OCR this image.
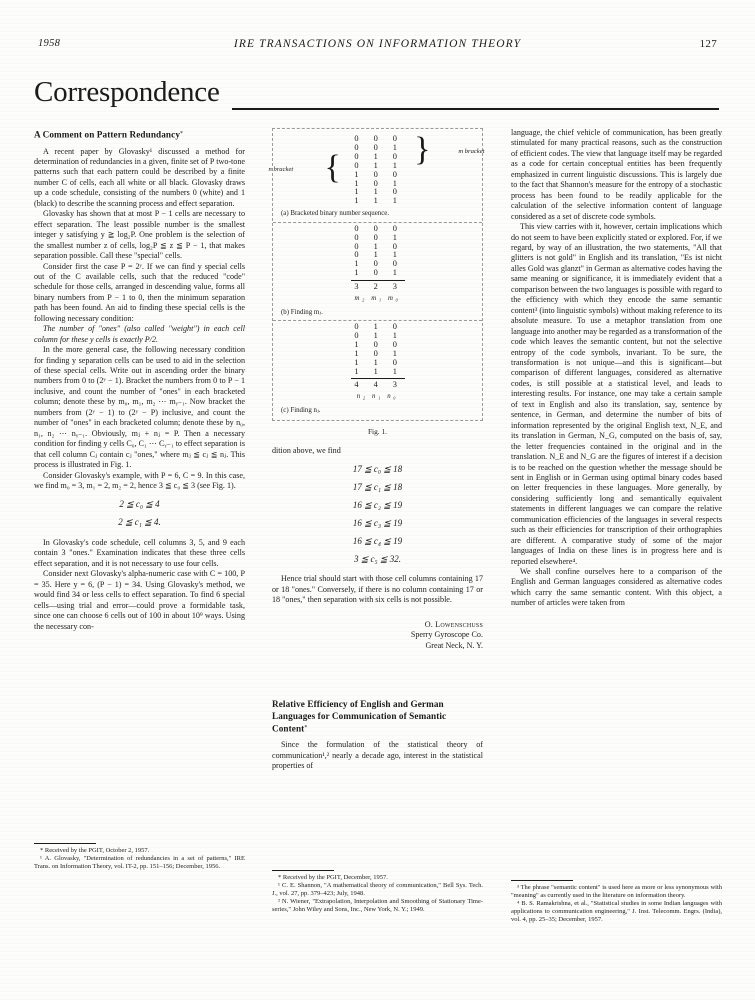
1958	IRE TRANSACTIONS ON INFORMATION THEORY	127
Correspondence
A Comment on Pattern Redundancy*

A recent paper by Glovasky¹ discussed a method for determination of redundancies in a given, finite set of P two-tone patterns such that each pattern could be described by a finite number C of cells, each all white or all black. Glovasky draws up a code schedule, consisting of the numbers 0 (white) and 1 (black) to describe the scanning process and effect separation.

Glovasky has shown that at most P − 1 cells are necessary to effect separation. The least possible number is the smallest integer y satisfying y ≧ log₂P. One problem is the selection of the smallest number z of cells, log₂P ≦ z ≦ P − 1, that makes separation possible. Call these "special" cells.

Consider first the case P = 2ʸ. If we can find y special cells out of the C available cells, such that the reduced "code" schedule for those cells, arranged in descending value, forms all binary numbers from P − 1 to 0, then the minimum separation path has been found. An aid to finding these special cells is the following necessary condition:

The number of "ones" (also called "weight") in each cell column for these y cells is exactly P/2.

In the more general case, the following necessary condition for finding y separation cells can be used to aid in the selection of these special cells. Write out in ascending order the binary numbers from 0 to (2ʸ − 1). Bracket the numbers from 0 to P − 1 inclusive, and count the number of "ones" in each bracketed column; denote these by m₀, m₁, m₂ ⋯ mᵧ₋₁. Now bracket the numbers from (2ʸ − 1) to (2ʸ − P) inclusive, and count the number of "ones" in each bracketed column; denote these by n₀, n₁, n₂ ⋯ nᵧ₋₁. Obviously, mⱼ + nⱼ = P. Then a necessary condition for finding y cells C₀, C₁ ⋯ Cᵧ₋₁ to effect separation is that cell column Cⱼ contain cⱼ "ones," where mⱼ ≦ cⱼ ≦ nⱼ. This process is illustrated in Fig. 1.

Consider Glovasky's example, with P = 6, C = 9. In this case, we find m₀ = 3, m₁ = 2, m₂ = 2, hence 3 ≦ c₀ ≦ 3 (see Fig. 1).

2 ≦ c₀ ≦ 4
2 ≦ c₁ ≦ 4.

In Glovasky's code schedule, cell columns 3, 5, and 9 each contain 3 "ones." Examination indicates that these three cells effect separation, and it is not necessary to use four cells.

Consider next Glovasky's alpha-numeric case with C = 100, P = 35. Here y = 6, (P − 1) = 34. Using Glovasky's method, we would find 34 or less cells to effect separation. To find 6 special cells—using trial and error—could prove a formidable task, since one can choose 6 cells out of 100 in about 10⁹ ways. Using the necessary con-

* Received by the PGIT, October 2, 1957.

¹ A. Glovasky, "Determination of redundancies in a set of patterns," IRE Trans. on Information Theory, vol. IT-2, pp. 151–156; December, 1956.

{ }
n bracket
m bracket
0  0  0
0  0  1
0  1  0
0  1  1
1  0  0
1  0  1
1  1  0
1  1  1
(a) Bracketed binary number sequence.
0  0  0
0  0  1
0  1  0
0  1  1
1  0  0
1  0  1
3  2  3
m₂ m₁ m₀
(b) Finding mⱼ.
0  1  0
0  1  1
1  0  0
1  0  1
1  1  0
1  1  1
4  4  3
n₂ n₁ n₀
(c) Finding nⱼ.
Fig. 1.

dition above, we find

17 ≦ c₀ ≦ 18
17 ≦ c₁ ≦ 18
16 ≦ c₂ ≦ 19
16 ≦ c₃ ≦ 19
16 ≦ c₄ ≦ 19
3 ≦ c₅ ≦ 32.

Hence trial should start with those cell columns containing 17 or 18 "ones." Conversely, if there is no column containing 17 or 18 "ones," then separation with six cells is not possible.

O. Lowenschuss
Sperry Gyroscope Co.
Great Neck, N. Y.
Relative Efficiency of English and German Languages for Communication of Semantic Content*

Since the formulation of the statistical theory of communication¹,² nearly a decade ago, interest in the statistical properties of

* Received by the PGIT, December, 1957.

¹ C. E. Shannon, "A mathematical theory of communication," Bell Sys. Tech. J., vol. 27, pp. 379–423; July, 1948.

² N. Wiener, "Extrapolation, Interpolation and Smoothing of Stationary Time-series," John Wiley and Sons, Inc., New York, N. Y.; 1949.

language, the chief vehicle of communication, has been greatly stimulated for many practical reasons, such as the construction of efficient codes. The view that language itself may be regarded as a code for certain conceptual entities has been frequently emphasized in current linguistic discussions. This is largely due to the fact that Shannon's measure for the entropy of a stochastic process has been found to be readily applicable for the calculation of the selective information content of language considered as a set of discrete code symbols.

This view carries with it, however, certain implications which do not seem to have been explicitly stated or explored. For, if we regard, by way of an illustration, the two statements, "All that glitters is not gold" in English and its translation, "Es ist nicht alles Gold was glanzt" in German as alternative codes having the same meaning or significance, it is immediately evident that a comparison between the two languages is possible with regard to the efficiency with which they encode the same semantic content³ (into linguistic symbols) without making reference to its absolute measure. To use a metaphor translation from one language into another may be regarded as a transformation of the code which leaves the semantic content, but not the selective entropy of the code symbols, invariant. To be sure, the transformation is not unique—and this is significant—but comparison of different languages, considered as alternative codes, is still possible at a statistical level, and leads to interesting results. For instance, one may take a certain sample of text in English and also its translation, say, sentence by sentence, in German, and determine the number of bits of information represented by the original English text, N_E, and its translation in German, N_G, computed on the basis of, say, the letter frequencies contained in the original and in the translation. N_E and N_G are the figures of interest if a decision is to be reached on the question whether the message should be sent in English or in German using optimal binary codes based on letter frequencies in these languages. More generally, by considering sufficiently long and semantically equivalent statements in different languages we can compare the relative communication efficiencies of the languages in several respects such as their efficiencies for transcription of their orthographies are different. A comparative study of some of the major languages of India on these lines is in progress here and is reported elsewhere⁴.

We shall confine ourselves here to a comparison of the English and German languages considered as alternative codes which carry the same semantic content. With this object, a number of articles were taken from

³ The phrase "semantic content" is used here as more or less synonymous with "meaning" as currently used in the literature on information theory.

⁴ B. S. Ramakrishna, et al., "Statistical studies in some Indian languages with applications to communication engineering," J. Inst. Telecomm. Engrs. (India), vol. 4, pp. 25–35; December, 1957.
